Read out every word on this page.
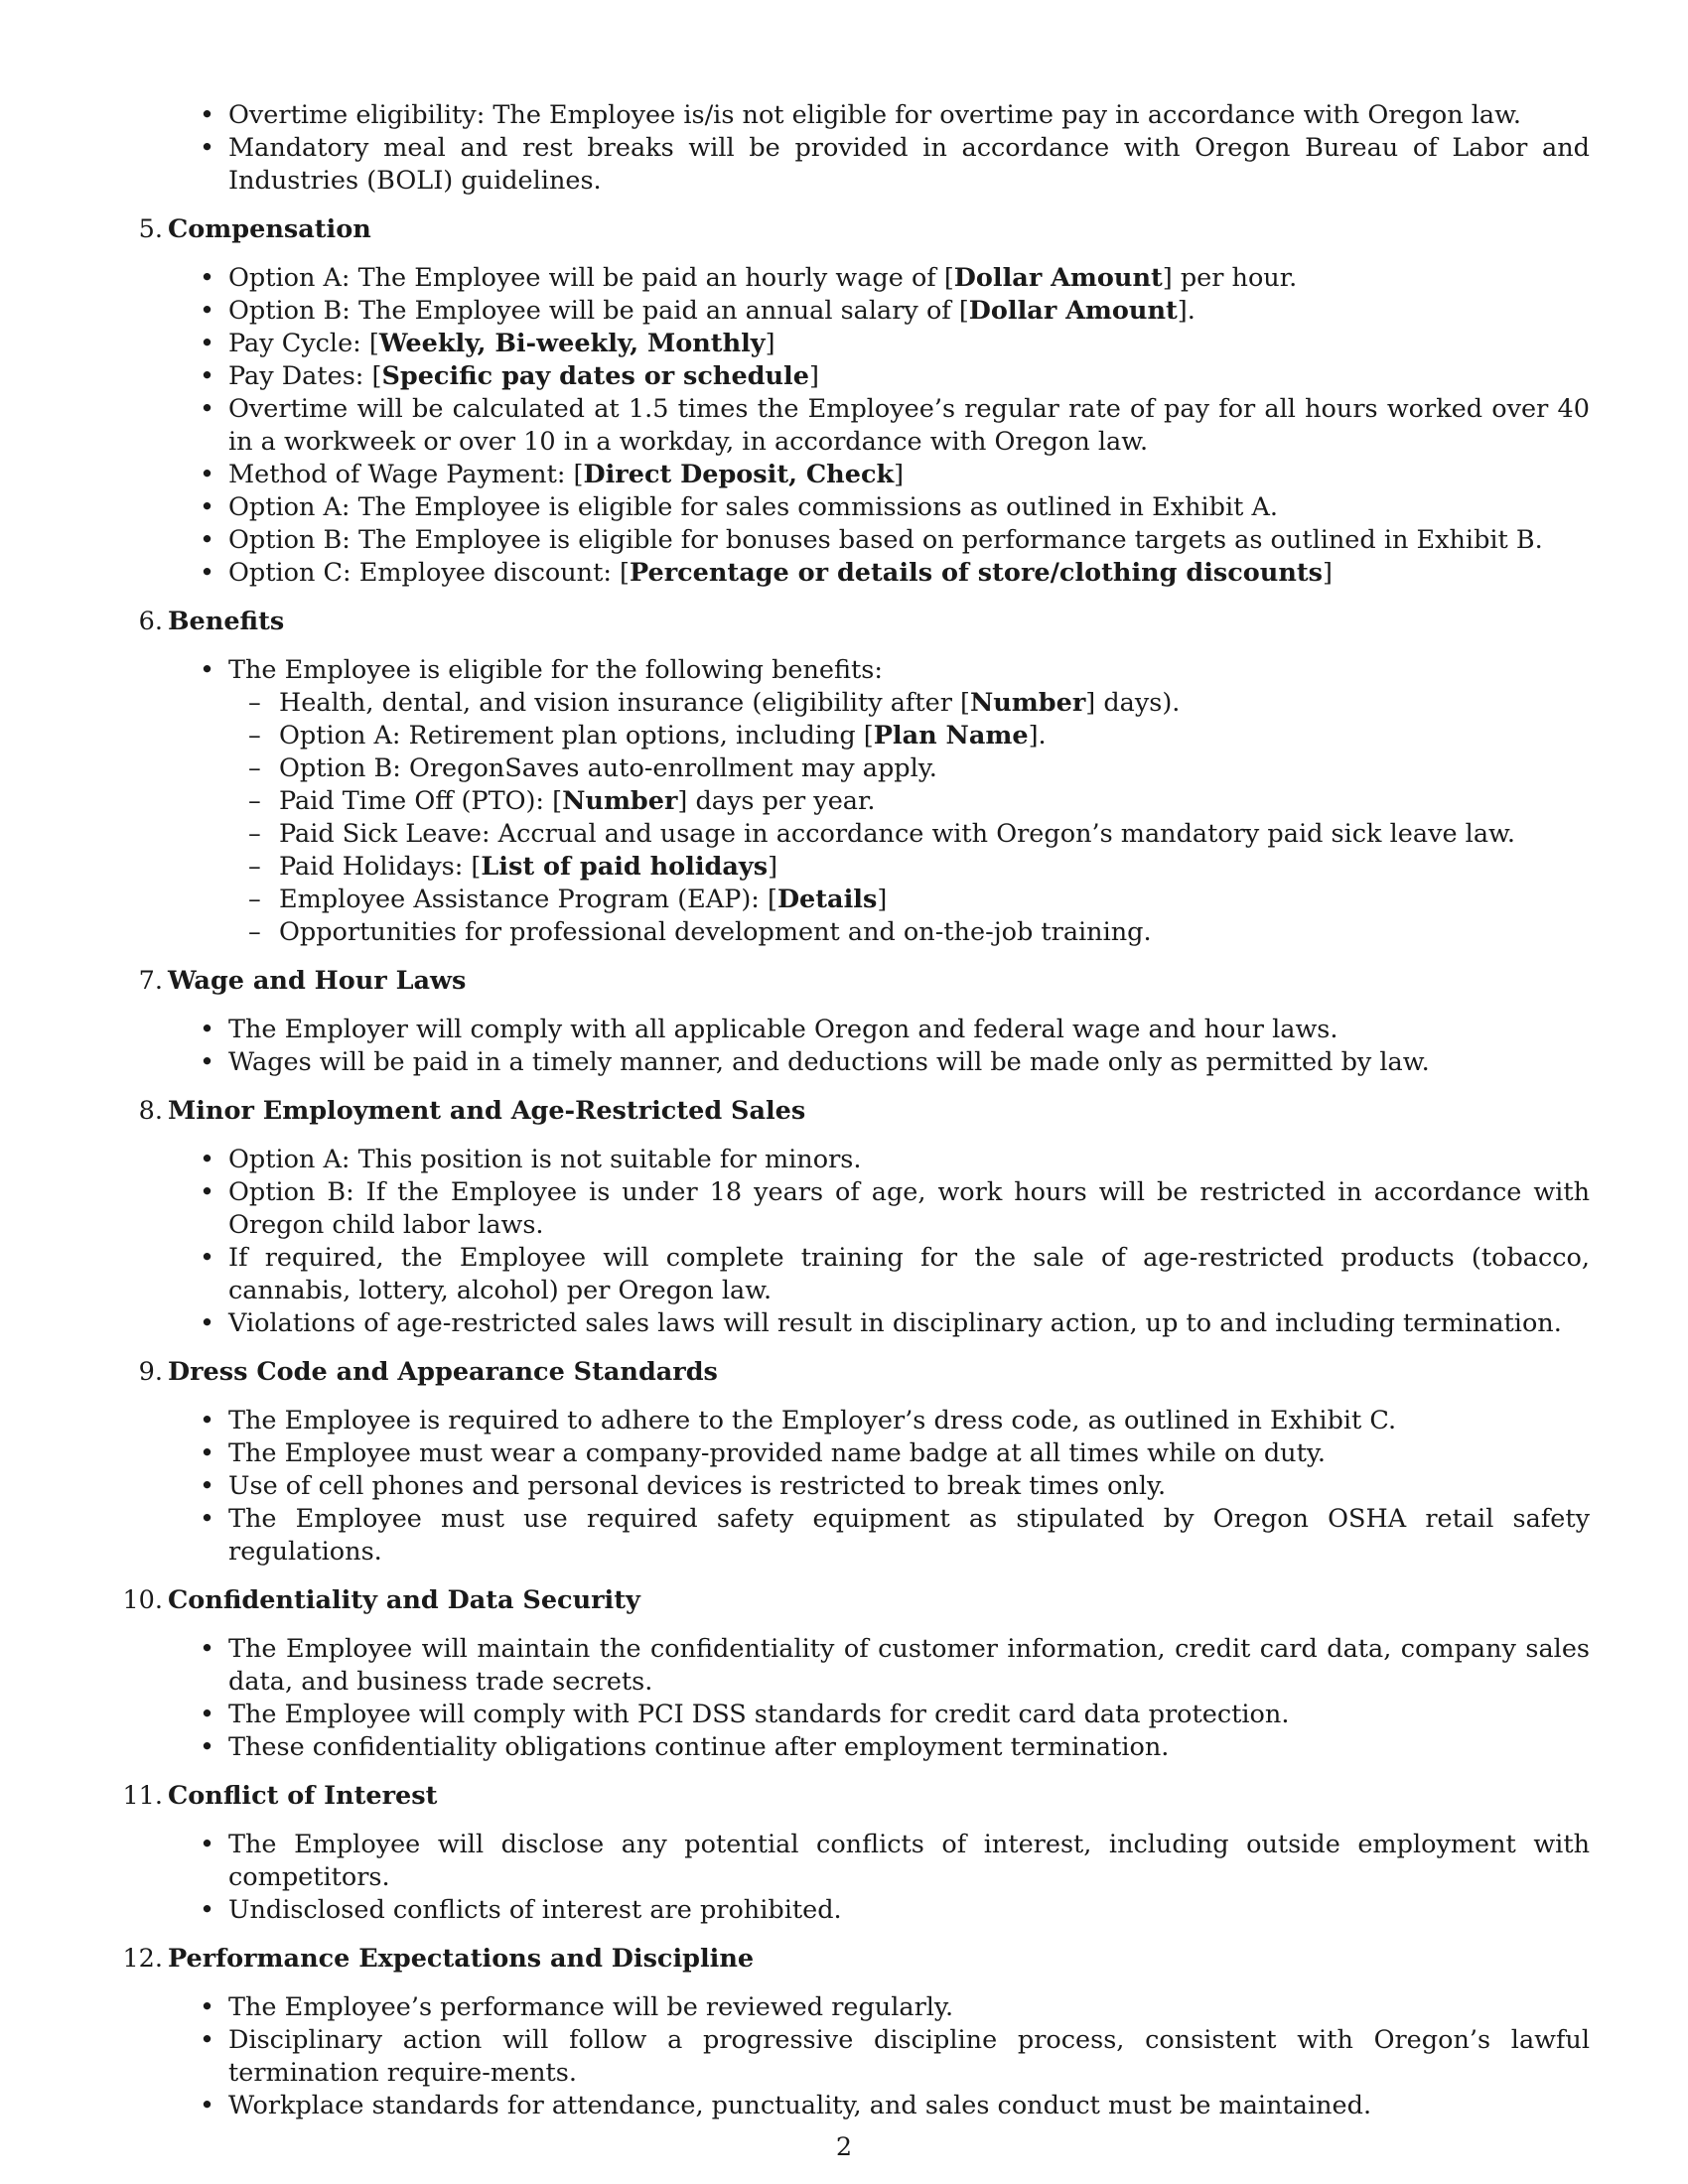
• Overtime eligibility: The Employee is/is not eligible for overtime pay in accordance with Oregon law.
• Mandatory meal and rest breaks will be provided in accordance with Oregon Bureau of Labor and Industries (BOLI) guidelines.
5. Compensation
• Option A: The Employee will be paid an hourly wage of [Dollar Amount] per hour.
• Option B: The Employee will be paid an annual salary of [Dollar Amount].
• Pay Cycle: [Weekly, Bi-weekly, Monthly]
• Pay Dates: [Specific pay dates or schedule]
• Overtime will be calculated at 1.5 times the Employee’s regular rate of pay for all hours worked over 40 in a workweek or over 10 in a workday, in accordance with Oregon law.
• Method of Wage Payment: [Direct Deposit, Check]
• Option A: The Employee is eligible for sales commissions as outlined in Exhibit A.
• Option B: The Employee is eligible for bonuses based on performance targets as outlined in Exhibit B.
• Option C: Employee discount: [Percentage or details of store/clothing discounts]
6. Benefits
• The Employee is eligible for the following benefits:
– Health, dental, and vision insurance (eligibility after [Number] days).
– Option A: Retirement plan options, including [Plan Name].
– Option B: OregonSaves auto-enrollment may apply.
– Paid Time Off (PTO): [Number] days per year.
– Paid Sick Leave: Accrual and usage in accordance with Oregon’s mandatory paid sick leave law.
– Paid Holidays: [List of paid holidays]
– Employee Assistance Program (EAP): [Details]
– Opportunities for professional development and on-the-job training.
7. Wage and Hour Laws
• The Employer will comply with all applicable Oregon and federal wage and hour laws.
• Wages will be paid in a timely manner, and deductions will be made only as permitted by law.
8. Minor Employment and Age-Restricted Sales
• Option A: This position is not suitable for minors.
• Option B: If the Employee is under 18 years of age, work hours will be restricted in accordance with Oregon child labor laws.
• If required, the Employee will complete training for the sale of age-restricted products (tobacco, cannabis, lottery, alcohol) per Oregon law.
• Violations of age-restricted sales laws will result in disciplinary action, up to and including termination.
9. Dress Code and Appearance Standards
• The Employee is required to adhere to the Employer’s dress code, as outlined in Exhibit C.
• The Employee must wear a company-provided name badge at all times while on duty.
• Use of cell phones and personal devices is restricted to break times only.
• The Employee must use required safety equipment as stipulated by Oregon OSHA retail safety regulations.
10. Confidentiality and Data Security
• The Employee will maintain the confidentiality of customer information, credit card data, company sales data, and business trade secrets.
• The Employee will comply with PCI DSS standards for credit card data protection.
• These confidentiality obligations continue after employment termination.
11. Conflict of Interest
• The Employee will disclose any potential conflicts of interest, including outside employment with competitors.
• Undisclosed conflicts of interest are prohibited.
12. Performance Expectations and Discipline
• The Employee’s performance will be reviewed regularly.
• Disciplinary action will follow a progressive discipline process, consistent with Oregon’s lawful termination require-ments.
• Workplace standards for attendance, punctuality, and sales conduct must be maintained.
2
